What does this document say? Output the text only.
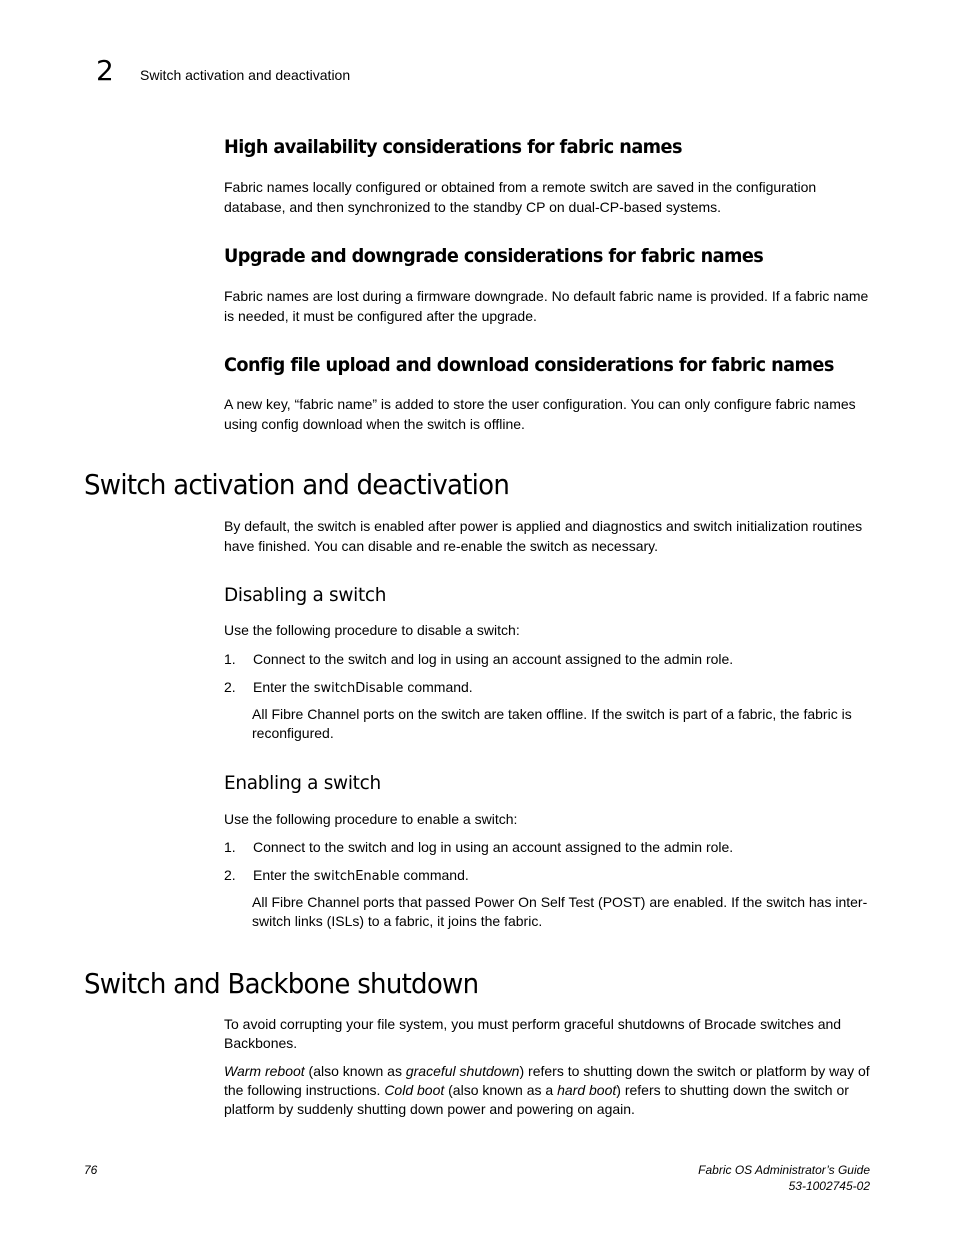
2 Switch activation and deactivation
High availability considerations for fabric names

Fabric names locally configured or obtained from a remote switch are saved in the configuration database, and then synchronized to the standby CP on dual-CP-based systems.

Upgrade and downgrade considerations for fabric names

Fabric names are lost during a firmware downgrade. No default fabric name is provided. If a fabric name is needed, it must be configured after the upgrade.

Config file upload and download considerations for fabric names

A new key, “fabric name” is added to store the user configuration. You can only configure fabric names using config download when the switch is offline.

Switch activation and deactivation

By default, the switch is enabled after power is applied and diagnostics and switch initialization routines have finished. You can disable and re-enable the switch as necessary.

Disabling a switch

Use the following procedure to disable a switch:

1.	Connect to the switch and log in using an account assigned to the admin role.
2.	Enter the switchDisable command.

All Fibre Channel ports on the switch are taken offline. If the switch is part of a fabric, the fabric is reconfigured.

Enabling a switch

Use the following procedure to enable a switch:

1.	Connect to the switch and log in using an account assigned to the admin role.
2.	Enter the switchEnable command.

All Fibre Channel ports that passed Power On Self Test (POST) are enabled. If the switch has inter-switch links (ISLs) to a fabric, it joins the fabric.

Switch and Backbone shutdown

To avoid corrupting your file system, you must perform graceful shutdowns of Brocade switches and Backbones.

Warm reboot (also known as graceful shutdown) refers to shutting down the switch or platform by way of the following instructions. Cold boot (also known as a hard boot) refers to shutting down the switch or platform by suddenly shutting down power and powering on again.

76	Fabric OS Administrator’s Guide
53-1002745-02
